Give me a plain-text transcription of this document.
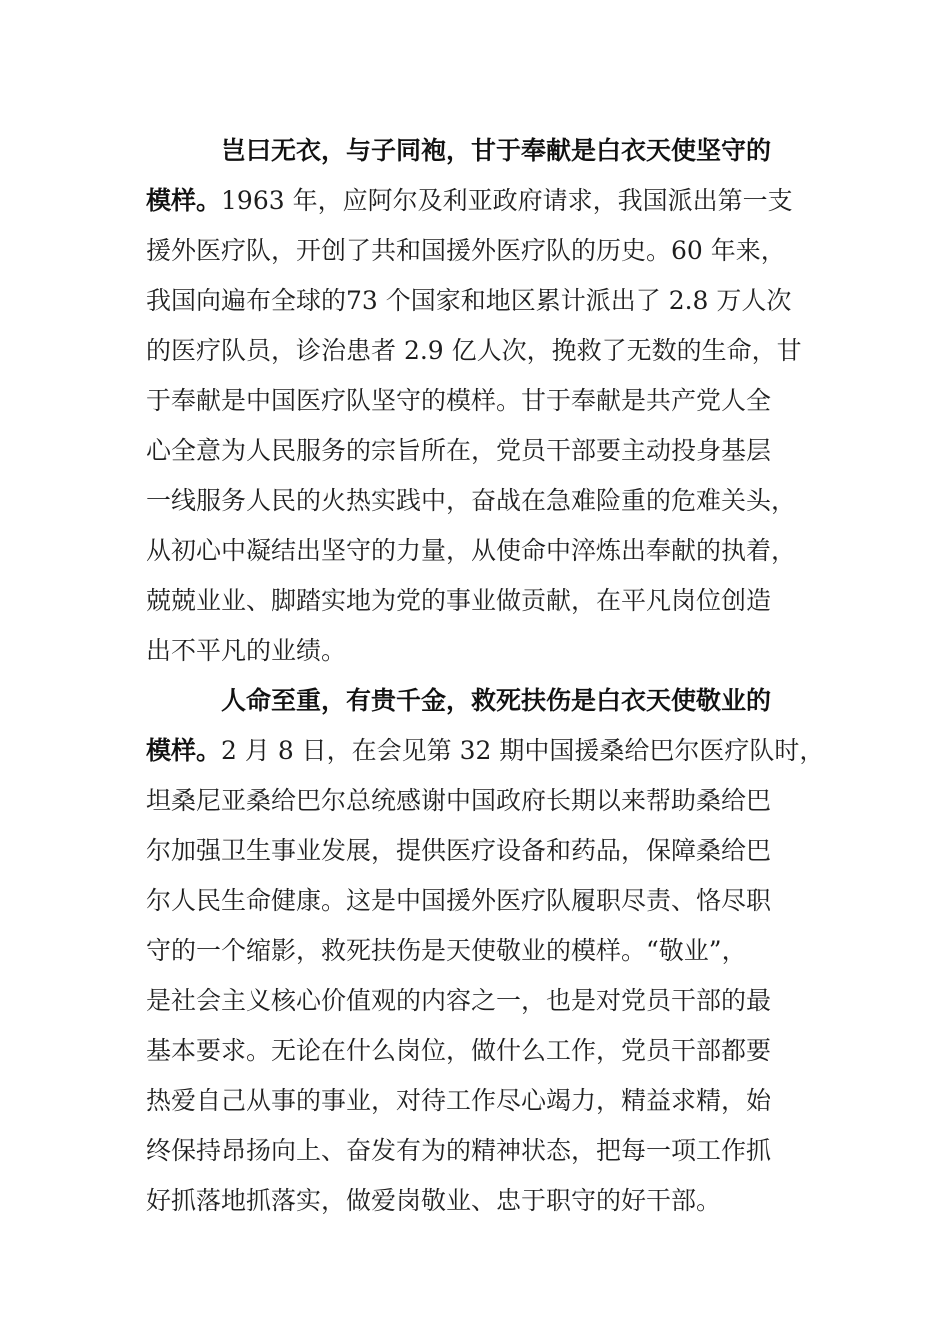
岂曰无衣，与子同袍，甘于奉献是白衣天使坚守的
模样。1963 年，应阿尔及利亚政府请求，我国派出第一支
援外医疗队，开创了共和国援外医疗队的历史。60 年来，
我国向遍布全球的73 个国家和地区累计派出了 2.8 万人次
的医疗队员，诊治患者 2.9 亿人次，挽救了无数的生命，甘
于奉献是中国医疗队坚守的模样。甘于奉献是共产党人全
心全意为人民服务的宗旨所在，党员干部要主动投身基层
一线服务人民的火热实践中，奋战在急难险重的危难关头，
从初心中凝结出坚守的力量，从使命中淬炼出奉献的执着，
兢兢业业、脚踏实地为党的事业做贡献，在平凡岗位创造
出不平凡的业绩。
人命至重，有贵千金，救死扶伤是白衣天使敬业的
模样。2 月 8 日，在会见第 32 期中国援桑给巴尔医疗队时，
坦桑尼亚桑给巴尔总统感谢中国政府长期以来帮助桑给巴
尔加强卫生事业发展，提供医疗设备和药品，保障桑给巴
尔人民生命健康。这是中国援外医疗队履职尽责、恪尽职
守的一个缩影，救死扶伤是天使敬业的模样。“敬业”，
是社会主义核心价值观的内容之一，也是对党员干部的最
基本要求。无论在什么岗位，做什么工作，党员干部都要
热爱自己从事的事业，对待工作尽心竭力，精益求精，始
终保持昂扬向上、奋发有为的精神状态，把每一项工作抓
好抓落地抓落实，做爱岗敬业、忠于职守的好干部。
